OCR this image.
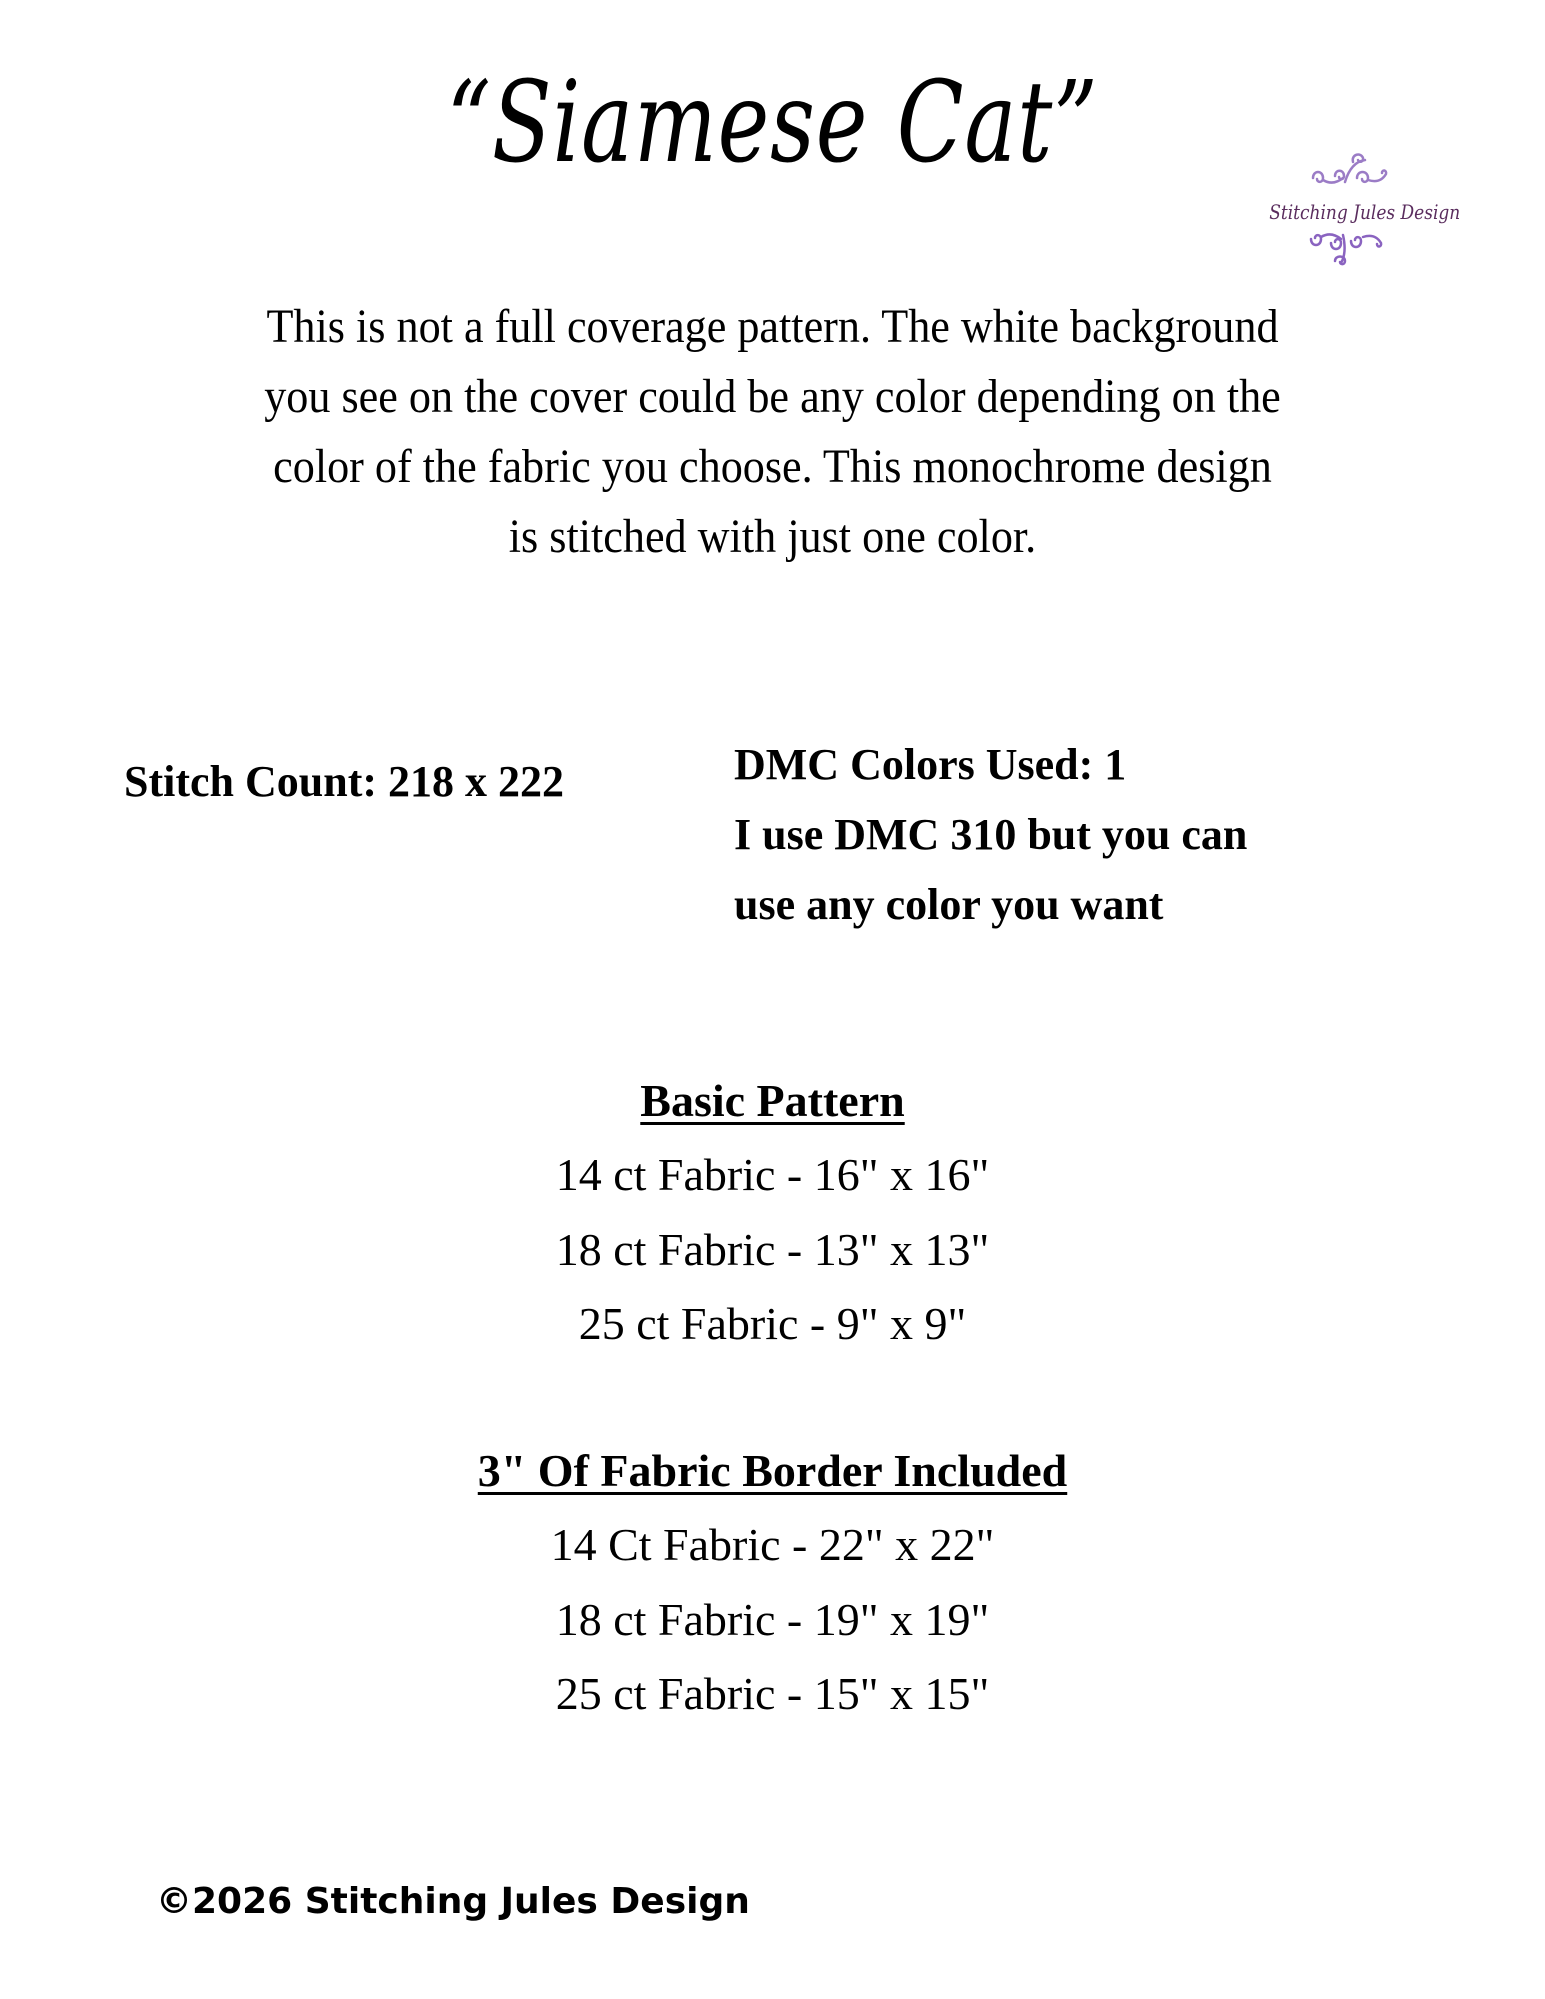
“Siamese Cat”
Stitching Jules Design
This is not a full coverage pattern. The white background
you see on the cover could be any color depending on the
color of the fabric you choose. This monochrome design
is stitched with just one color.
Stitch Count: 218 x 222	DMC Colors Used: 1
I use DMC 310 but you can
use any color you want
Basic Pattern
14 ct Fabric - 16" x 16"
18 ct Fabric - 13" x 13"
25 ct Fabric - 9" x 9"
3" Of Fabric Border Included
14 Ct Fabric - 22" x 22"
18 ct Fabric - 19" x 19"
25 ct Fabric - 15" x 15"
©2026 Stitching Jules Design
